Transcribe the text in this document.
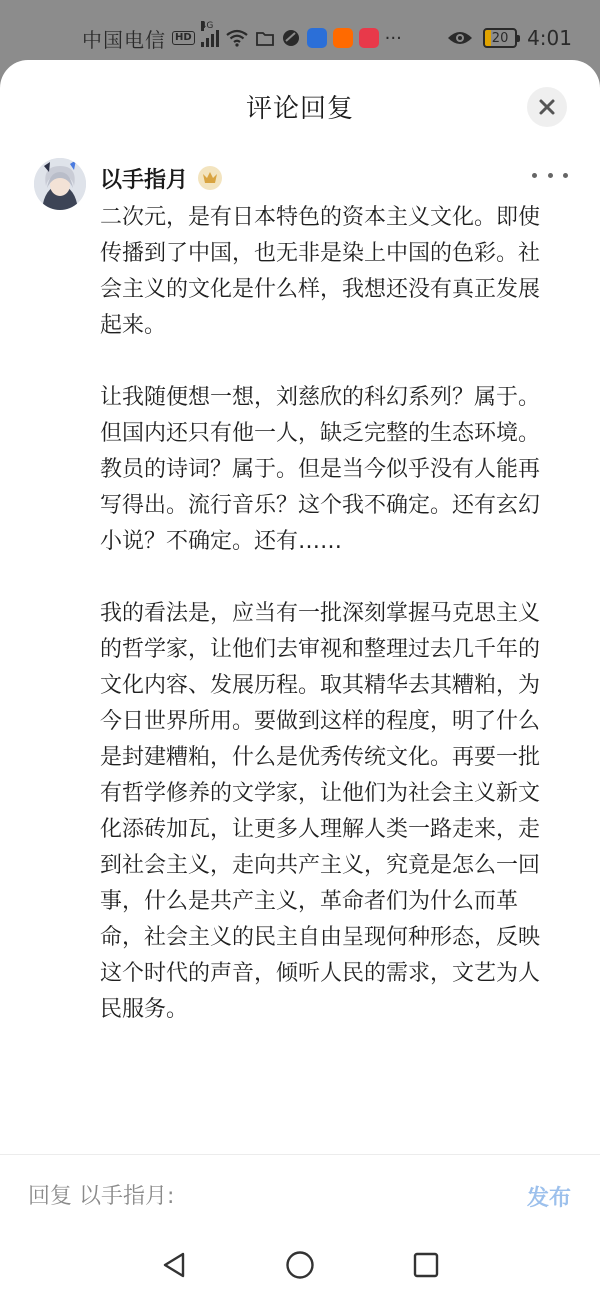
中国电信 HD
4G
···	20 4:01
评论回复
以手指月

二次元，是有日本特色的资本主义文化。即使传播到了中国，也无非是染上中国的色彩。社会主义的文化是什么样，我想还没有真正发展起来。

让我随便想一想，刘慈欣的科幻系列？属于。但国内还只有他一人，缺乏完整的生态环境。教员的诗词？属于。但是当今似乎没有人能再写得出。流行音乐？这个我不确定。还有玄幻小说？不确定。还有……

我的看法是，应当有一批深刻掌握马克思主义的哲学家，让他们去审视和整理过去几千年的文化内容、发展历程。取其精华去其糟粕，为今日世界所用。要做到这样的程度，明了什么是封建糟粕，什么是优秀传统文化。再要一批有哲学修养的文学家，让他们为社会主义新文化添砖加瓦，让更多人理解人类一路走来，走到社会主义，走向共产主义，究竟是怎么一回事，什么是共产主义，革命者们为什么而革命，社会主义的民主自由呈现何种形态，反映这个时代的声音，倾听人民的需求，文艺为人民服务。

回复 以手指月:
发布
